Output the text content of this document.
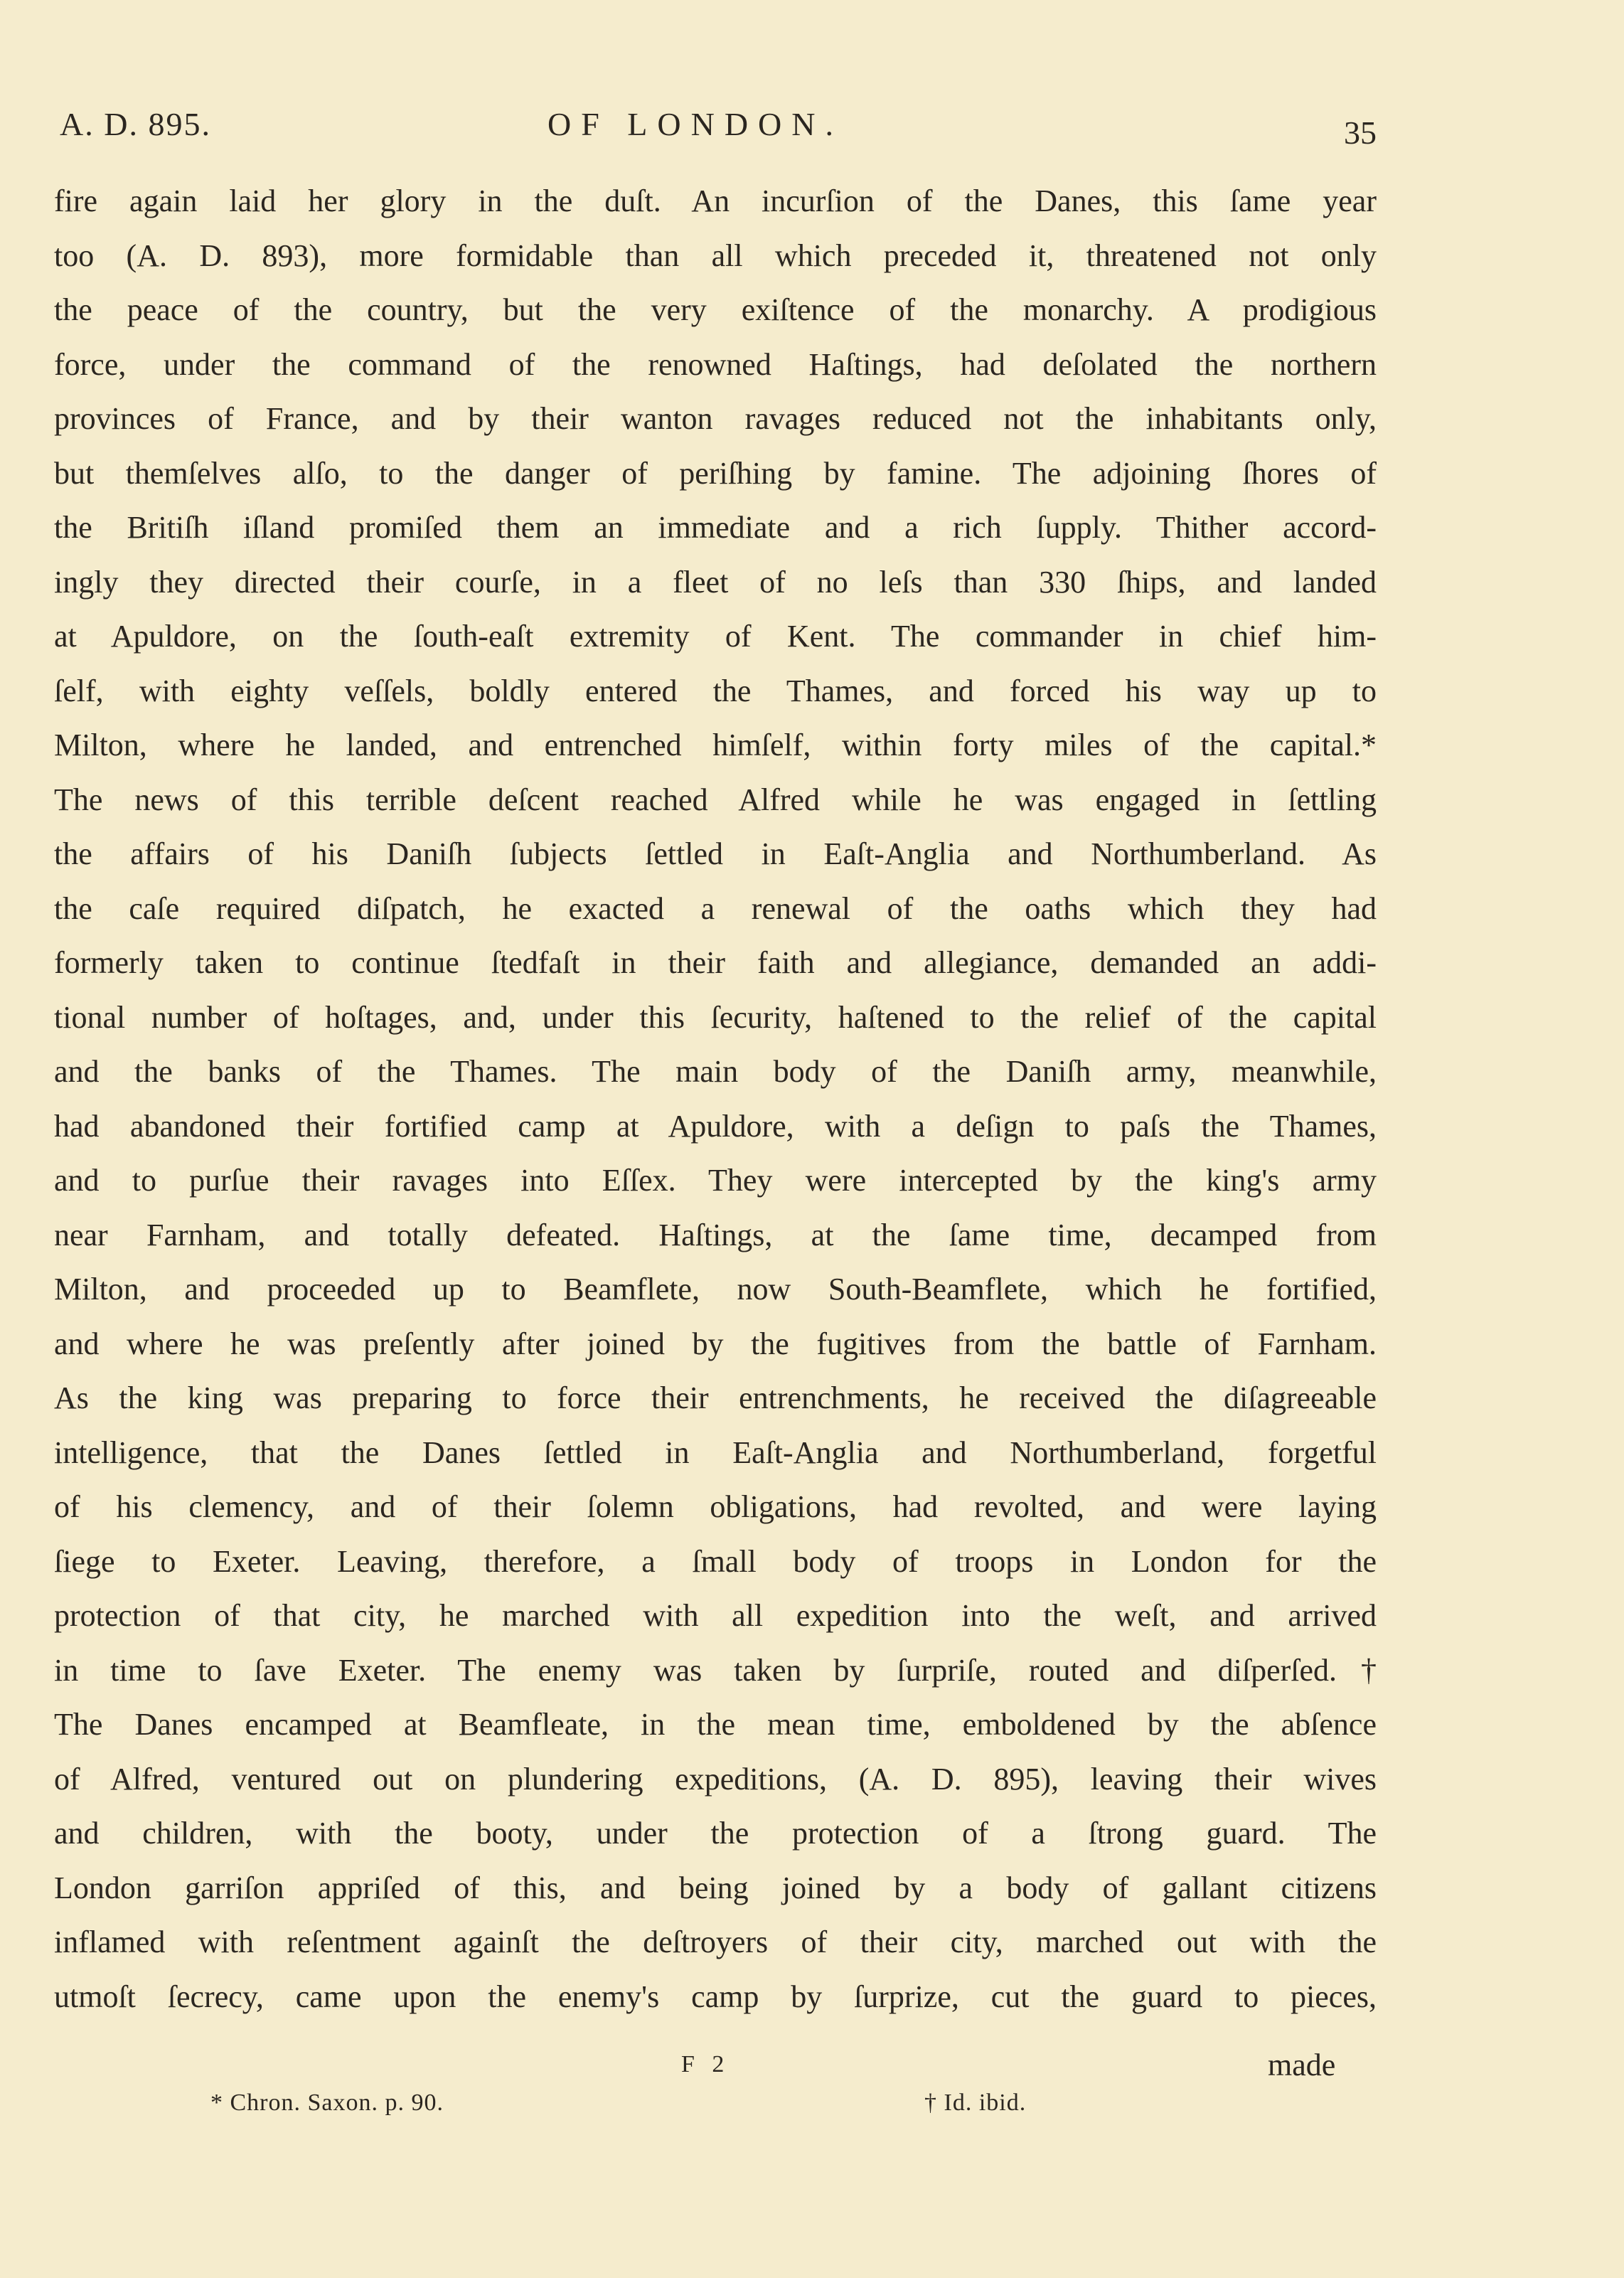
A. D. 895.	OF LONDON.	35
fire again laid her glory in the duſt. An incurſion of the Danes, this ſame year
too (A. D. 893), more formidable than all which preceded it, threatened not only
the peace of the country, but the very exiſtence of the monarchy. A prodigious
force, under the command of the renowned Haſtings, had deſolated the northern
provinces of France, and by their wanton ravages reduced not the inhabitants only,
but themſelves alſo, to the danger of periſhing by famine. The adjoining ſhores of
the Britiſh iſland promiſed them an immediate and a rich ſupply. Thither accord-
ingly they directed their courſe, in a fleet of no leſs than 330 ſhips, and landed
at Apuldore, on the ſouth-eaſt extremity of Kent. The commander in chief him-
ſelf, with eighty veſſels, boldly entered the Thames, and forced his way up to
Milton, where he landed, and entrenched himſelf, within forty miles of the capital.*
The news of this terrible deſcent reached Alfred while he was engaged in ſettling
the affairs of his Daniſh ſubjects ſettled in Eaſt-Anglia and Northumberland. As
the caſe required diſpatch, he exacted a renewal of the oaths which they had
formerly taken to continue ſtedfaſt in their faith and allegiance, demanded an addi-
tional number of hoſtages, and, under this ſecurity, haſtened to the relief of the capital
and the banks of the Thames. The main body of the Daniſh army, meanwhile,
had abandoned their fortified camp at Apuldore, with a deſign to paſs the Thames,
and to purſue their ravages into Eſſex. They were intercepted by the king's army
near Farnham, and totally defeated. Haſtings, at the ſame time, decamped from
Milton, and proceeded up to Beamflete, now South-Beamflete, which he fortified,
and where he was preſently after joined by the fugitives from the battle of Farnham.
As the king was preparing to force their entrenchments, he received the diſagreeable
intelligence, that the Danes ſettled in Eaſt-Anglia and Northumberland, forgetful
of his clemency, and of their ſolemn obligations, had revolted, and were laying
ſiege to Exeter. Leaving, therefore, a ſmall body of troops in London for the
protection of that city, he marched with all expedition into the weſt, and arrived
in time to ſave Exeter. The enemy was taken by ſurpriſe, routed and diſperſed.†
The Danes encamped at Beamfleate, in the mean time, emboldened by the abſence
of Alfred, ventured out on plundering expeditions, (A. D. 895), leaving their wives
and children, with the booty, under the protection of a ſtrong guard. The
London garriſon appriſed of this, and being joined by a body of gallant citizens
inflamed with reſentment againſt the deſtroyers of their city, marched out with the
utmoſt ſecrecy, came upon the enemy's camp by ſurprize, cut the guard to pieces,
F 2	made
* Chron. Saxon. p. 90.	† Id. ibid.
